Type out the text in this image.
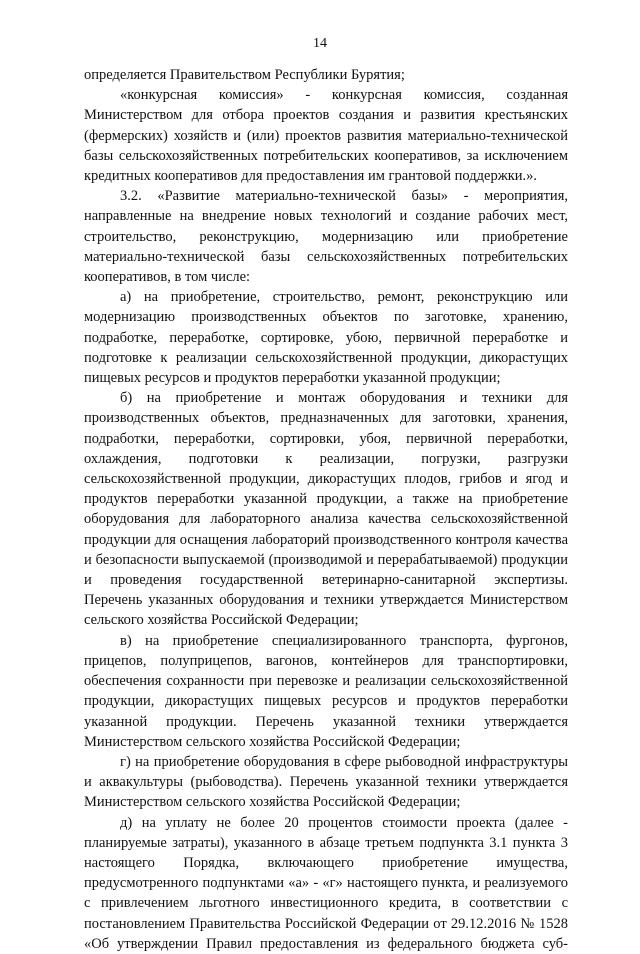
14

определяется Правительством Республики Бурятия;

«конкурсная комиссия» - конкурсная комиссия, созданная Министерством для отбора проектов создания и развития крестьянских (фермерских) хозяйств и (или) проектов развития материально-технической базы сельскохозяйственных потребительских кооперативов, за исключением кредитных кооперативов для предоставления им грантовой поддержки.».

3.2. «Развитие материально-технической базы» - мероприятия, направленные на внедрение новых технологий и создание рабочих мест, строительство, реконструкцию, модернизацию или приобретение материально-технической базы сельскохозяйственных потребительских кооперативов, в том числе:

а) на приобретение, строительство, ремонт, реконструкцию или модернизацию производственных объектов по заготовке, хранению, подработке, переработке, сортировке, убою, первичной переработке и подготовке к реализации сельскохозяйственной продукции, дикорастущих пищевых ресурсов и продуктов переработки указанной продукции;

б) на приобретение и монтаж оборудования и техники для производственных объектов, предназначенных для заготовки, хранения, подработки, переработки, сортировки, убоя, первичной переработки, охлаждения, подготовки к реализации, погрузки, разгрузки сельскохозяйственной продукции, дикорастущих плодов, грибов и ягод и продуктов переработки указанной продукции, а также на приобретение оборудования для лабораторного анализа качества сельскохозяйственной продукции для оснащения лабораторий производственного контроля качества и безопасности выпускаемой (производимой и перерабатываемой) продукции и проведения государственной ветеринарно-санитарной экспертизы. Перечень указанных оборудования и техники утверждается Министерством сельского хозяйства Российской Федерации;

в) на приобретение специализированного транспорта, фургонов, прицепов, полуприцепов, вагонов, контейнеров для транспортировки, обеспечения сохранности при перевозке и реализации сельскохозяйственной продукции, дикорастущих пищевых ресурсов и продуктов переработки указанной продукции. Перечень указанной техники утверждается Министерством сельского хозяйства Российской Федерации;

г) на приобретение оборудования в сфере рыбоводной инфраструктуры и аквакультуры (рыбоводства). Перечень указанной техники утверждается Министерством сельского хозяйства Российской Федерации;

д) на уплату не более 20 процентов стоимости проекта (далее - планируемые затраты), указанного в абзаце третьем подпункта 3.1 пункта 3 настоящего Порядка, включающего приобретение имущества, предусмотренного подпунктами «а» - «г» настоящего пункта, и реализуемого с привлечением льготного инвестиционного кредита, в соответствии с постановлением Правительства Российской Федерации от 29.12.2016 № 1528 «Об утверждении Правил предоставления из федерального бюджета суб-
